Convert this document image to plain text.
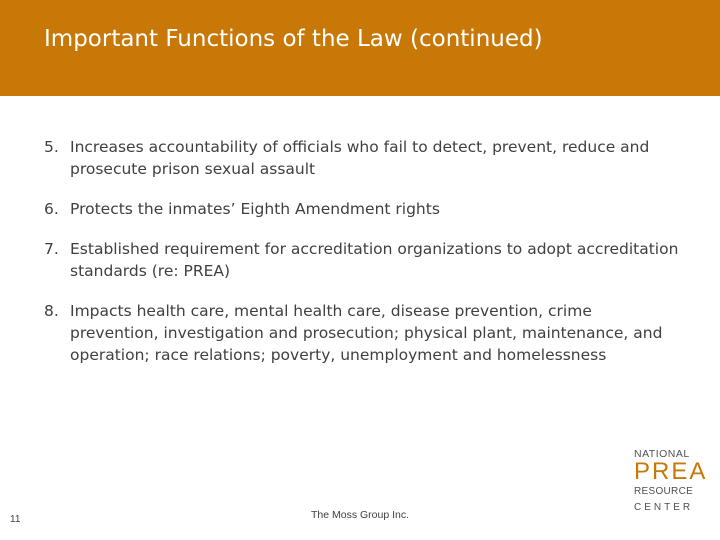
Important Functions of the Law (continued)
5. Increases accountability of officials who fail to detect, prevent, reduce and prosecute prison sexual assault
6. Protects the inmates’ Eighth Amendment rights
7. Established requirement for accreditation organizations to adopt accreditation standards (re: PREA)
8. Impacts health care, mental health care, disease prevention, crime prevention, investigation and prosecution; physical plant, maintenance, and operation; race relations; poverty, unemployment and homelessness
11	The Moss Group Inc.
NATIONAL
PREA
RESOURCE
CENTER
